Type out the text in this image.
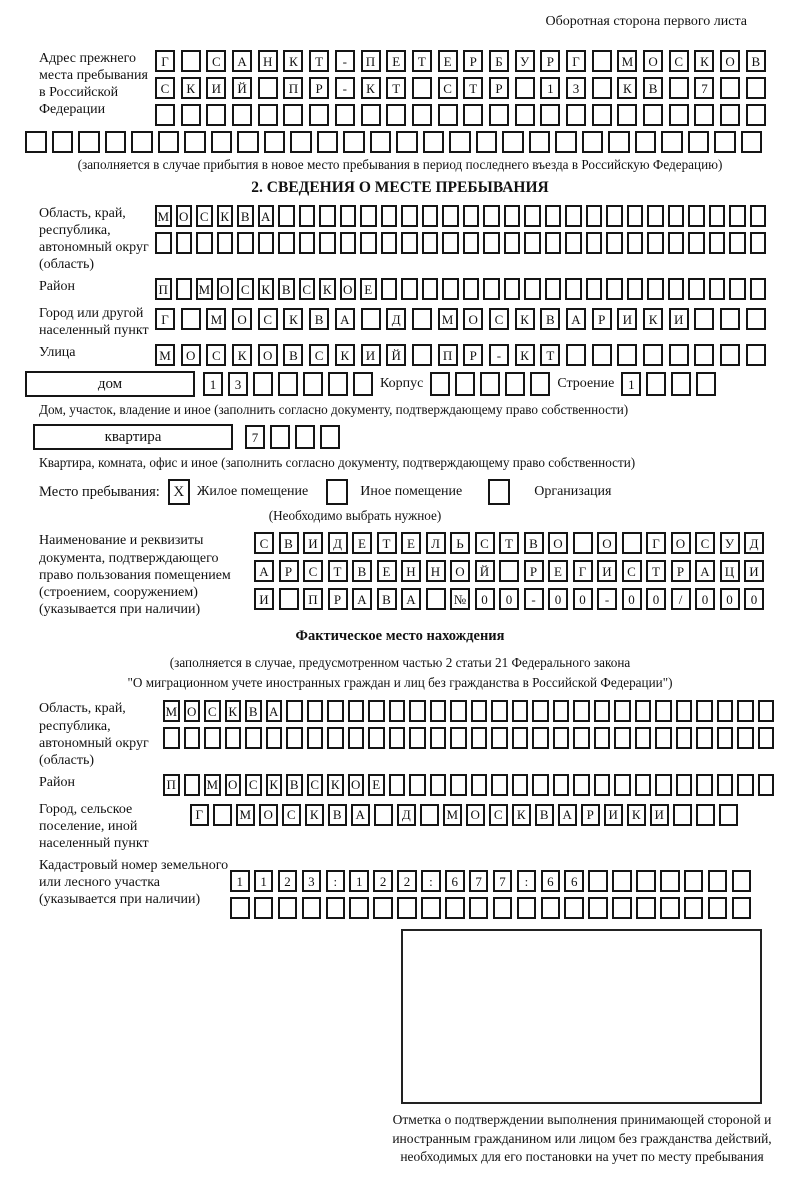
Оборотная сторона первого листа
Адрес прежнего места пребывания в Российской Федерации
Г	С	А	Н	К	Т	-	П	Е	Т	Е	Р	Б	У	Р	Г	М	О	С	К	О	В
С	К	И	Й	П	Р	-	К	Т	С	Т	Р	1	3	К	В	7
(заполняется в случае прибытия в новое место пребывания в период последнего въезда в Российскую Федерацию)
2. СВЕДЕНИЯ О МЕСТЕ ПРЕБЫВАНИЯ
Область, край, республика, автономный округ (область)
М О С К В А
Район	П М О С К В С К О Е
Город или другой населенный пункт
Г	М	О	С	К	В	А	Д	М	О	С	К	В	А	Р	И	К	И
Улица	М	О	С	К	О	В	С	К	И	Й	П	Р	-	К	Т
дом	1	3	Корпус	Строение	1
Дом, участок, владение и иное (заполнить согласно документу, подтверждающему право собственности)
квартира	7
Квартира, комната, офис и иное (заполнить согласно документу, подтверждающему право собственности)
Место пребывания: X Жилое помещение	Иное помещение	Организация
(Необходимо выбрать нужное)
Наименование и реквизиты документа, подтверждающего право пользования помещением (строением, сооружением) (указывается при наличии)
С	В	И	Д	Е	Т	Е	Л	Ь	С	Т	В	О	О	Г	О	С	У	Д
А	Р	С	Т	В	Е	Н	Н	О	Й	Р	Е	Г	И	С	Т	Р	А	Ц	И
И	П	Р	А	В	А	№	0	0	-	0	0	-	0	0	/	0	0	0
Фактическое место нахождения
(заполняется в случае, предусмотренном частью 2 статьи 21 Федерального закона
"О миграционном учете иностранных граждан и лиц без гражданства в Российской Федерации")
Область, край, республика, автономный округ (область)
М О С К В А
Район	П М О С К В С К О Е
Город, сельское поселение, иной населенный пункт
Г	М О	С	К	В	А	Д	М О	С	К	В	А	Р	И	К	И
Кадастровый номер земельного или лесного участка (указывается при наличии)
1	1	2	3	:	1	2	2	:	6	7	7	:	6	6
Отметка о подтверждении выполнения принимающей стороной и иностранным гражданином или лицом без гражданства действий, необходимых для его постановки на учет по месту пребывания
